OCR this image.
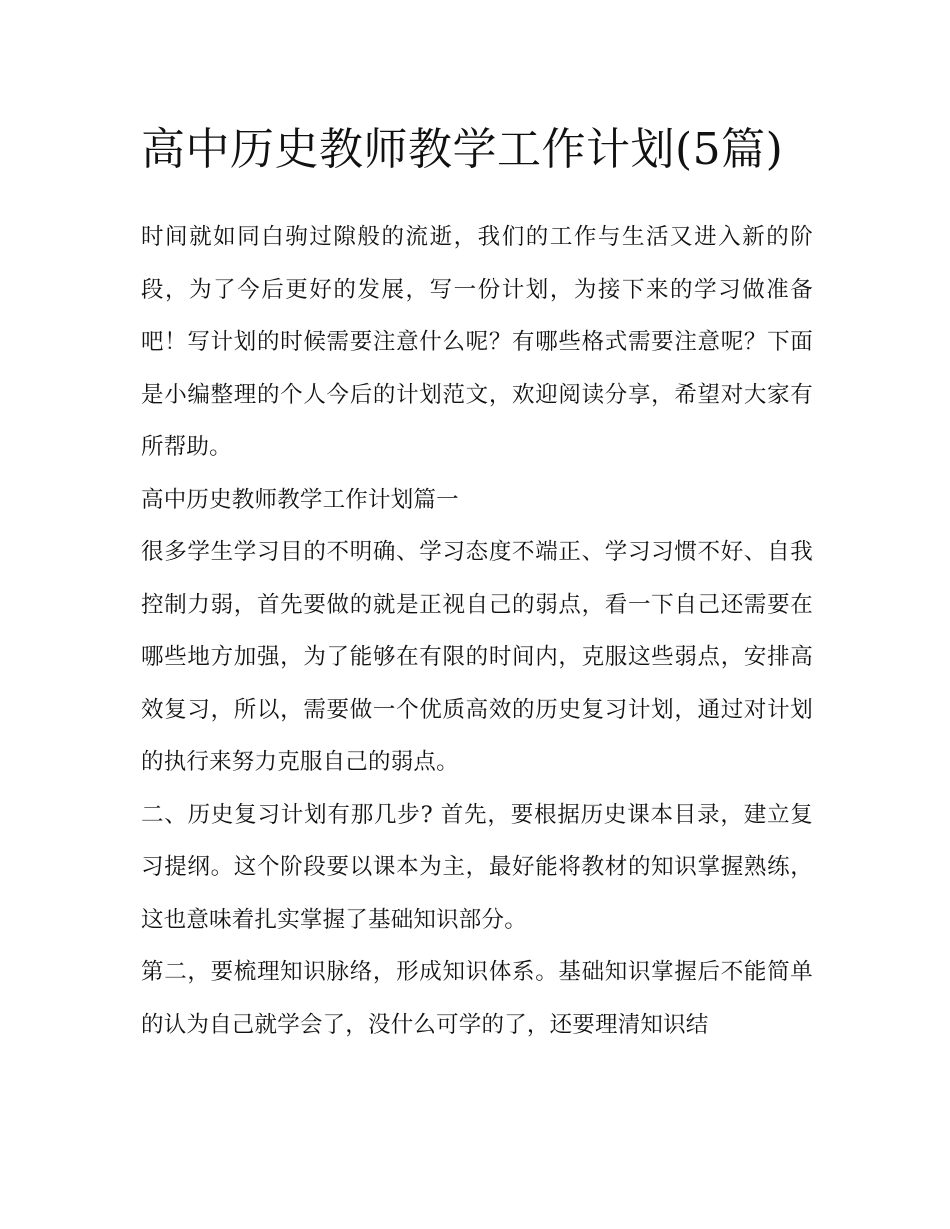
高中历史教师教学工作计划(5篇)

时间就如同白驹过隙般的流逝，我们的工作与生活又进入新的阶段，为了今后更好的发展，写一份计划，为接下来的学习做准备吧！写计划的时候需要注意什么呢？有哪些格式需要注意呢？下面是小编整理的个人今后的计划范文，欢迎阅读分享，希望对大家有所帮助。

高中历史教师教学工作计划篇一

很多学生学习目的不明确、学习态度不端正、学习习惯不好、自我控制力弱，首先要做的就是正视自己的弱点，看一下自己还需要在哪些地方加强，为了能够在有限的时间内，克服这些弱点，安排高效复习，所以，需要做一个优质高效的历史复习计划，通过对计划的执行来努力克服自己的弱点。

二、历史复习计划有那几步? 首先，要根据历史课本目录，建立复习提纲。这个阶段要以课本为主，最好能将教材的知识掌握熟练，这也意味着扎实掌握了基础知识部分。

第二，要梳理知识脉络，形成知识体系。基础知识掌握后不能简单的认为自己就学会了，没什么可学的了，还要理清知识结
